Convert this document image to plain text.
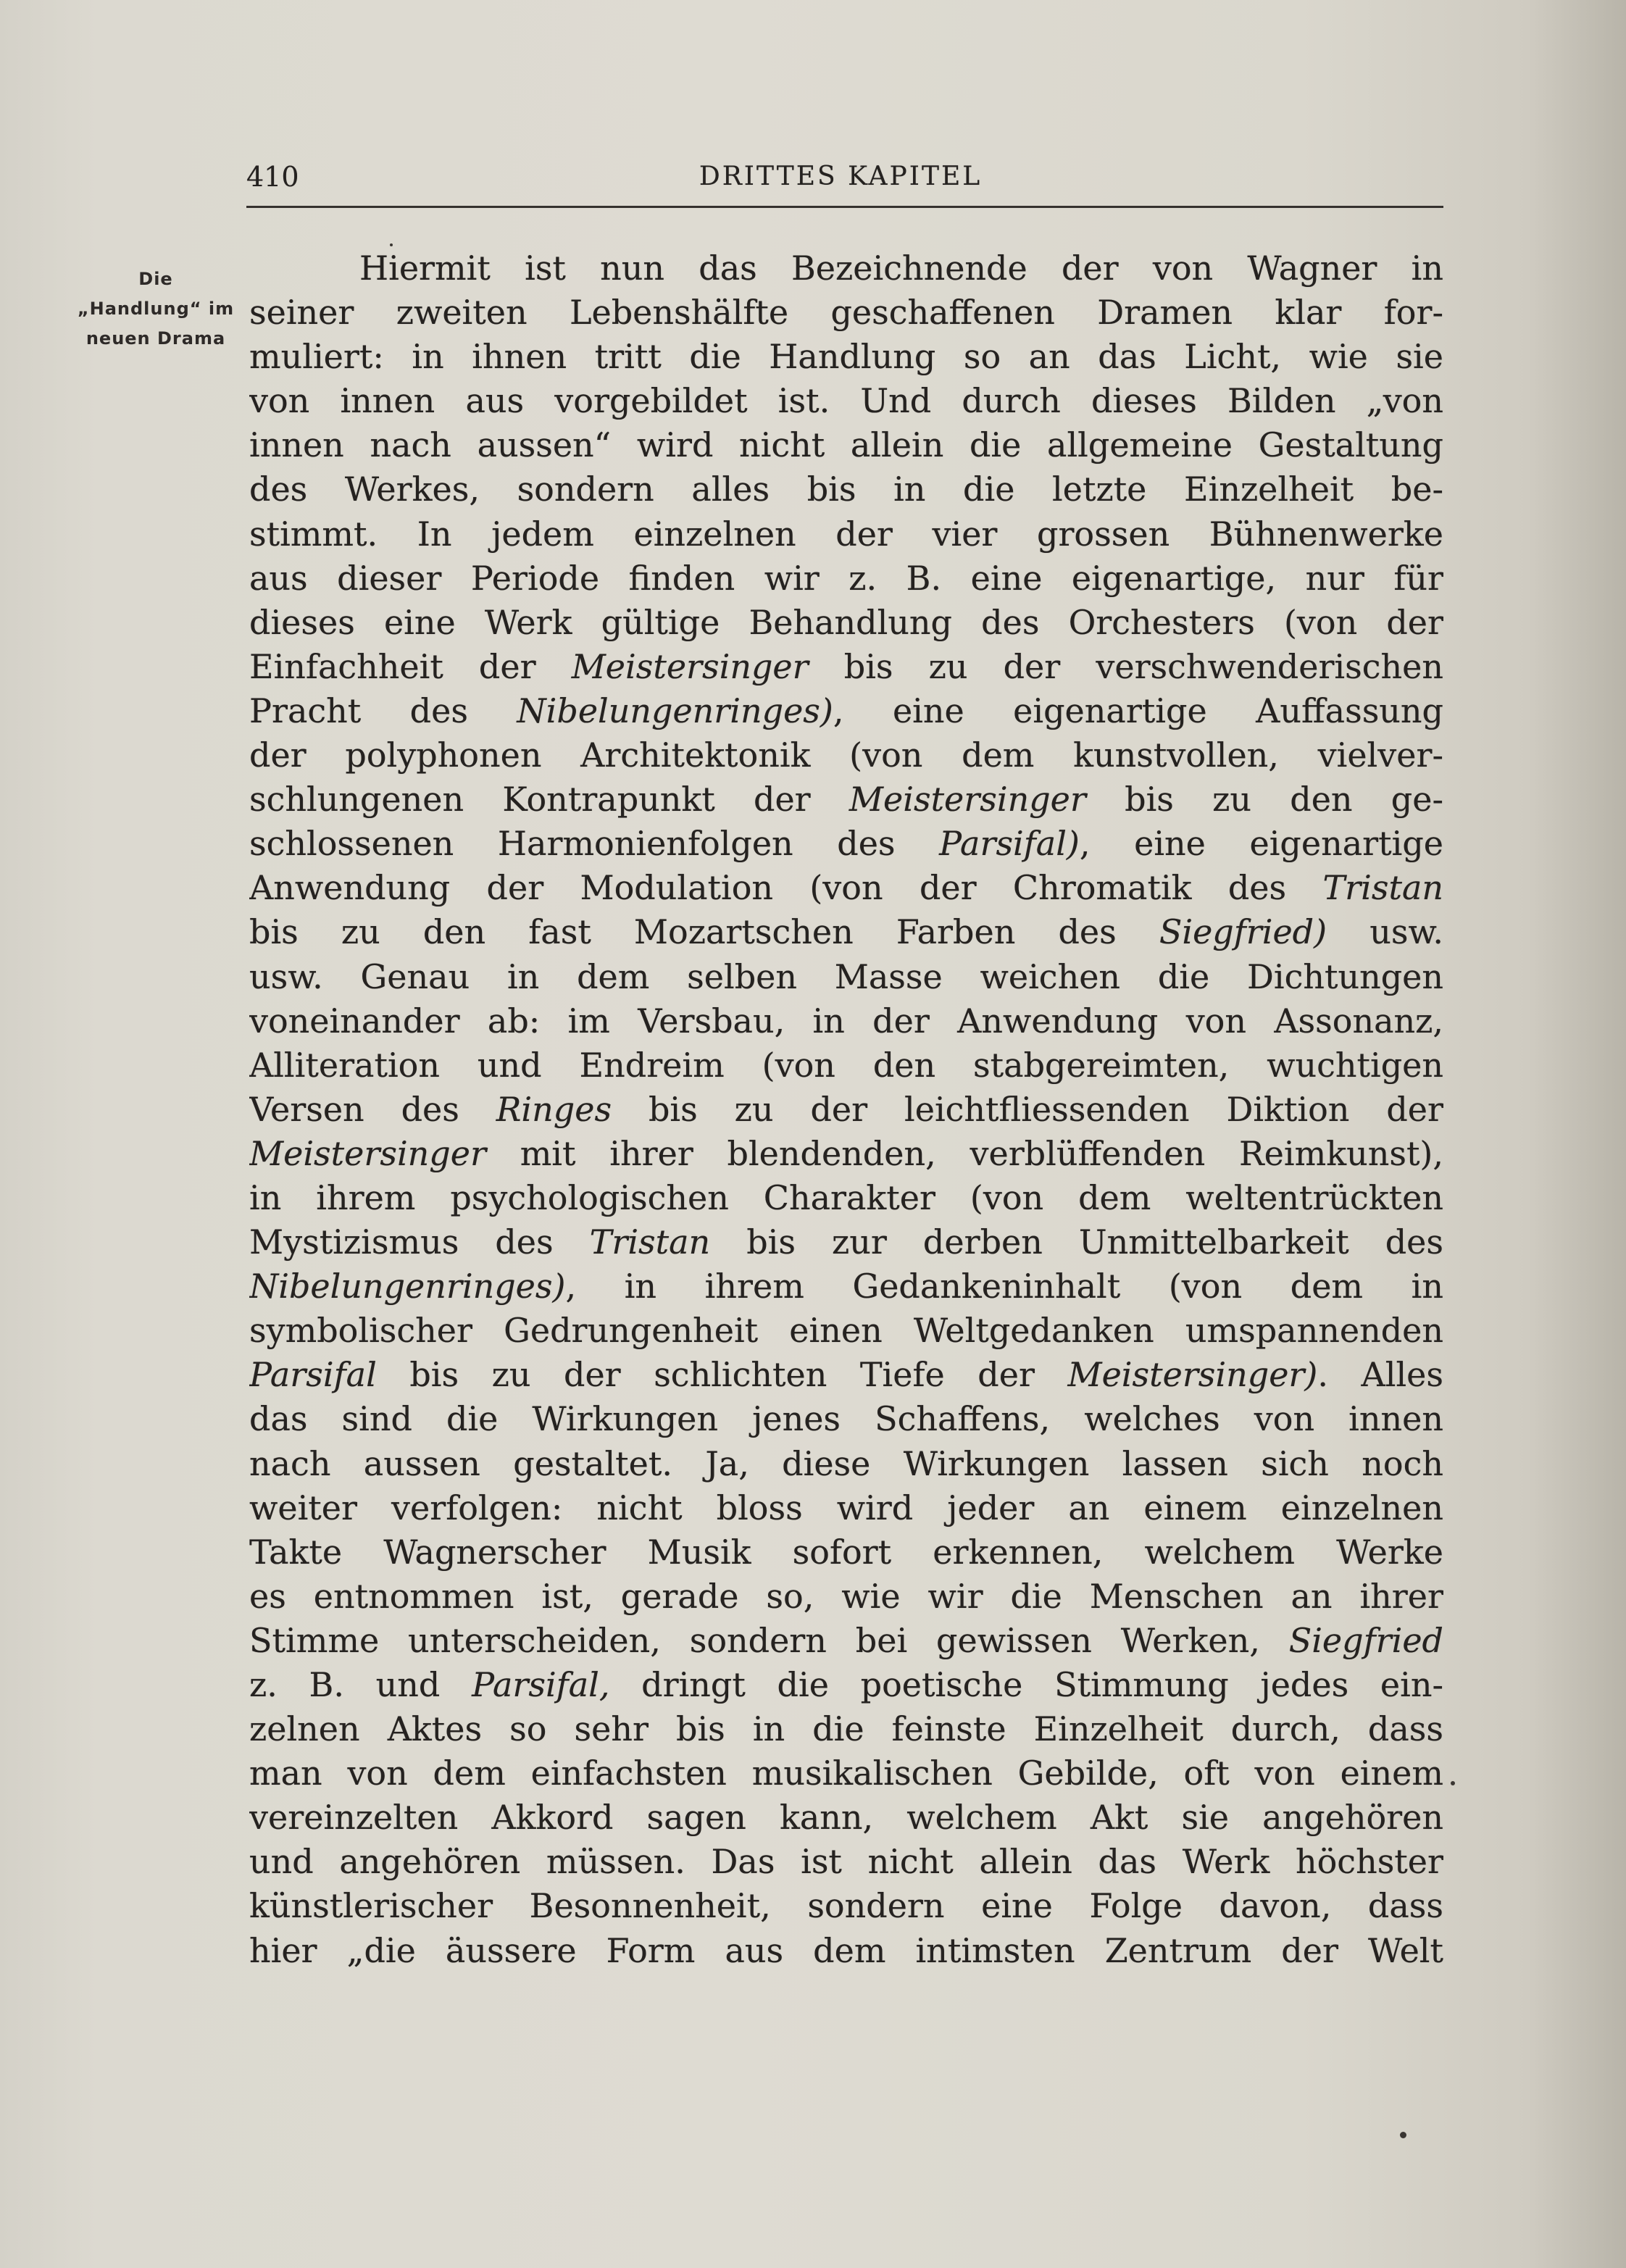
410	DRITTES KAPITEL
Die
„Handlung“ im
neuen Drama
Hiermit ist nun das Bezeichnende der von Wagner in
seiner zweiten Lebenshälfte geschaffenen Dramen klar for-
muliert: in ihnen tritt die Handlung so an das Licht, wie sie
von innen aus vorgebildet ist. Und durch dieses Bilden „von
innen nach aussen“ wird nicht allein die allgemeine Gestaltung
des Werkes, sondern alles bis in die letzte Einzelheit be-
stimmt. In jedem einzelnen der vier grossen Bühnenwerke
aus dieser Periode finden wir z. B. eine eigenartige, nur für
dieses eine Werk gültige Behandlung des Orchesters (von der
Einfachheit der Meistersinger bis zu der verschwenderischen
Pracht des Nibelungenringes), eine eigenartige Auffassung
der polyphonen Architektonik (von dem kunstvollen, vielver-
schlungenen Kontrapunkt der Meistersinger bis zu den ge-
schlossenen Harmonienfolgen des Parsifal), eine eigenartige
Anwendung der Modulation (von der Chromatik des Tristan
bis zu den fast Mozartschen Farben des Siegfried) usw.
usw. Genau in dem selben Masse weichen die Dichtungen
voneinander ab: im Versbau, in der Anwendung von Assonanz,
Alliteration und Endreim (von den stabgereimten, wuchtigen
Versen des Ringes bis zu der leichtfliessenden Diktion der
Meistersinger mit ihrer blendenden, verblüffenden Reimkunst),
in ihrem psychologischen Charakter (von dem weltentrückten
Mystizismus des Tristan bis zur derben Unmittelbarkeit des
Nibelungenringes), in ihrem Gedankeninhalt (von dem in
symbolischer Gedrungenheit einen Weltgedanken umspannenden
Parsifal bis zu der schlichten Tiefe der Meistersinger). Alles
das sind die Wirkungen jenes Schaffens, welches von innen
nach aussen gestaltet. Ja, diese Wirkungen lassen sich noch
weiter verfolgen: nicht bloss wird jeder an einem einzelnen
Takte Wagnerscher Musik sofort erkennen, welchem Werke
es entnommen ist, gerade so, wie wir die Menschen an ihrer
Stimme unterscheiden, sondern bei gewissen Werken, Siegfried
z. B. und Parsifal, dringt die poetische Stimmung jedes ein-
zelnen Aktes so sehr bis in die feinste Einzelheit durch, dass
man von dem einfachsten musikalischen Gebilde, oft von einem
vereinzelten Akkord sagen kann, welchem Akt sie angehören
und angehören müssen. Das ist nicht allein das Werk höchster
künstlerischer Besonnenheit, sondern eine Folge davon, dass
hier „die äussere Form aus dem intimsten Zentrum der Welt
